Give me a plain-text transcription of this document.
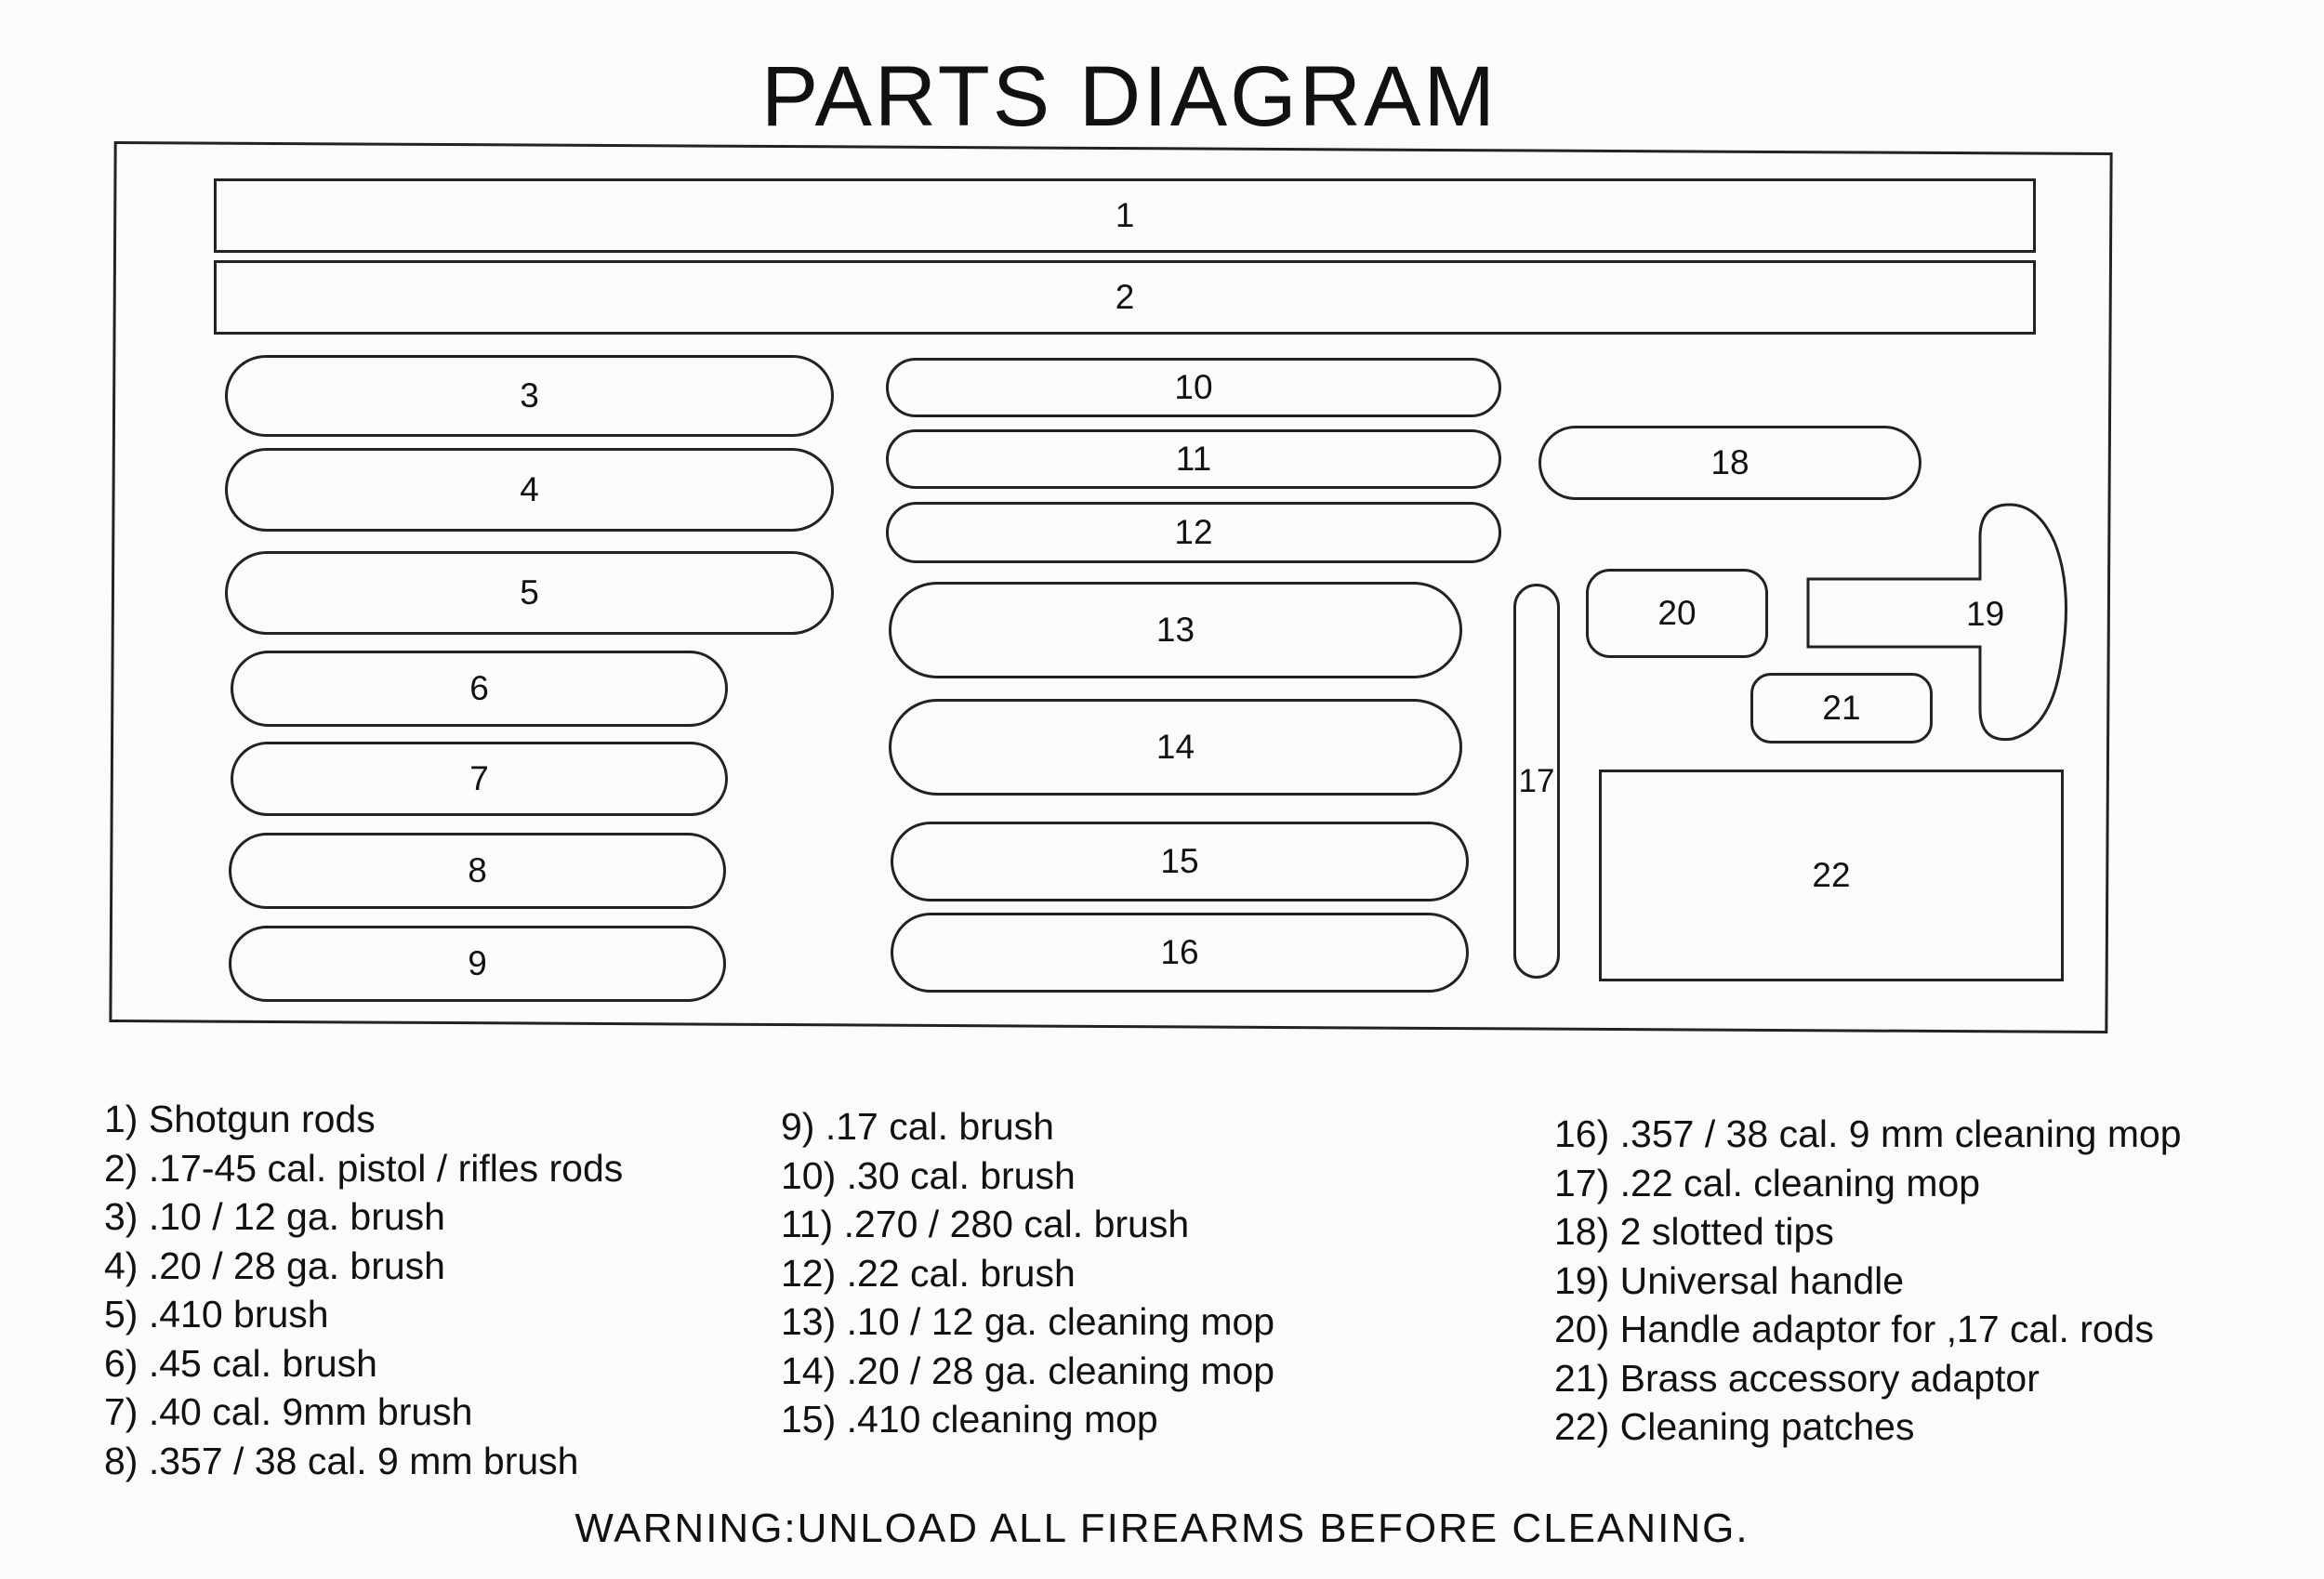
PARTS DIAGRAM
1
2
3
4
5
6
7
8
9
10
11
12
13
14
15
16
17
18
20
21
22
19
1) Shotgun rods
2) .17-45 cal. pistol / rifles rods
3) .10 / 12 ga. brush
4) .20 / 28 ga. brush
5) .410 brush
6) .45 cal. brush
7) .40 cal. 9mm brush
8) .357 / 38 cal. 9 mm brush
9) .17 cal. brush
10) .30 cal. brush
11) .270 / 280 cal. brush
12) .22 cal. brush
13) .10 / 12 ga. cleaning mop
14) .20 / 28 ga. cleaning mop
15) .410 cleaning mop
16) .357 / 38 cal. 9 mm cleaning mop
17) .22 cal. cleaning mop
18) 2 slotted tips
19) Universal handle
20) Handle adaptor for ,17 cal. rods
21) Brass accessory adaptor
22) Cleaning patches
WARNING:UNLOAD ALL FIREARMS BEFORE CLEANING.
